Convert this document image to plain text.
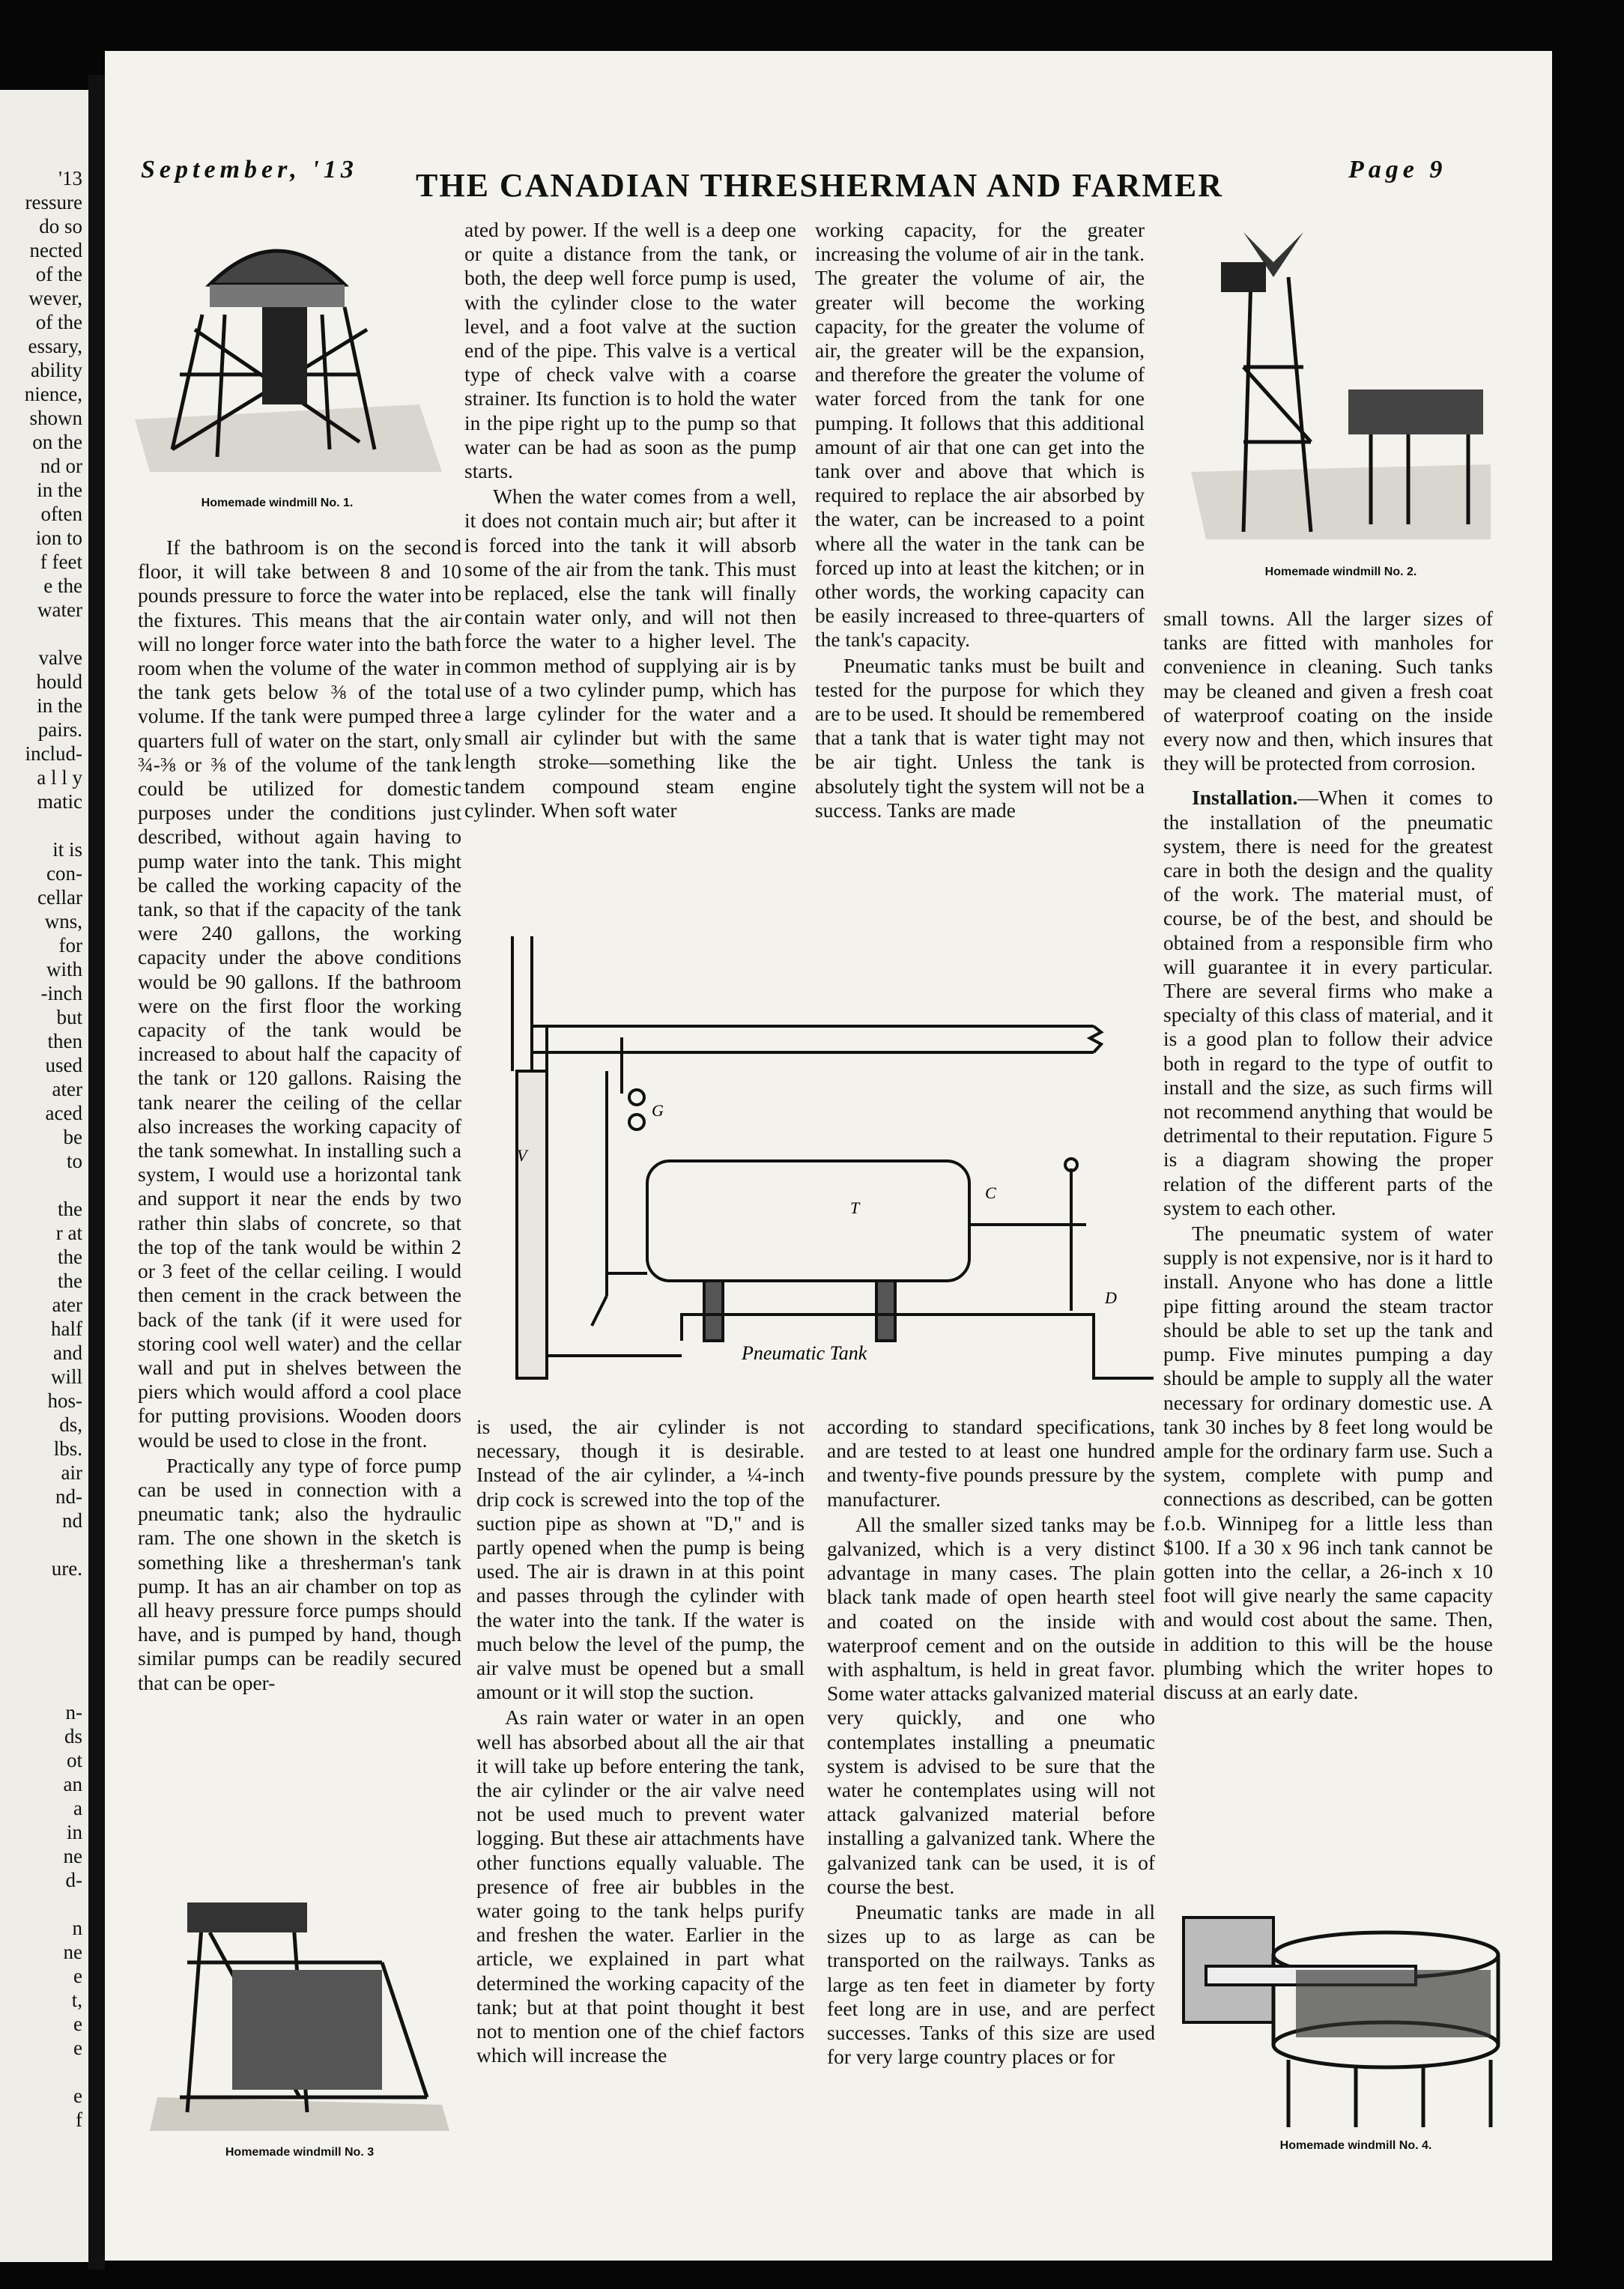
'13
ressure
do so
nected
of the
wever,
of the
essary,
ability
nience,
shown
on the
nd or
in the
often
ion to
f feet
e the
water
valve
hould
in the
pairs.
includ-
a l l y
matic
it is
con-
cellar
wns,
for
with
-inch
but
then
used
ater
aced
be
to
the
r at
the
the
ater
half
and
will
hos-
ds,
lbs.
air
nd-
nd
ure.
n-
ds
ot
an
a
in
ne
d-
n
ne
e
t,
e
e
e
f
September, '13 THE CANADIAN THRESHERMAN AND FARMER	Page 9
Homemade windmill No. 1.

If the bathroom is on the second floor, it will take between 8 and 10 pounds pressure to force the water into the fixtures. This means that the air will no longer force water into the bath room when the volume of the water in the tank gets below ⅜ of the total volume. If the tank were pumped three quarters full of water on the start, only ¾-⅜ or ⅜ of the volume of the tank could be utilized for domestic purposes under the conditions just described, without again having to pump water into the tank. This might be called the working capacity of the tank, so that if the capacity of the tank were 240 gallons, the working capacity under the above conditions would be 90 gallons. If the bathroom were on the first floor the working capacity of the tank would be increased to about half the capacity of the tank or 120 gallons. Raising the tank nearer the ceiling of the cellar also increases the working capacity of the tank somewhat. In installing such a system, I would use a horizontal tank and support it near the ends by two rather thin slabs of concrete, so that the top of the tank would be within 2 or 3 feet of the cellar ceiling. I would then cement in the crack between the back of the tank (if it were used for storing cool well water) and the cellar wall and put in shelves between the piers which would afford a cool place for putting provisions. Wooden doors would be used to close in the front.

Practically any type of force pump can be used in connection with a pneumatic tank; also the hydraulic ram. The one shown in the sketch is something like a thresherman's tank pump. It has an air chamber on top as all heavy pressure force pumps should have, and is pumped by hand, though similar pumps can be readily secured that can be oper-

Homemade windmill No. 3

ated by power. If the well is a deep one or quite a distance from the tank, or both, the deep well force pump is used, with the cylinder close to the water level, and a foot valve at the suction end of the pipe. This valve is a vertical type of check valve with a coarse strainer. Its function is to hold the water in the pipe right up to the pump so that water can be had as soon as the pump starts.

When the water comes from a well, it does not contain much air; but after it is forced into the tank it will absorb some of the air from the tank. This must be replaced, else the tank will finally contain water only, and will not then force the water to a higher level. The common method of supplying air is by use of a two cylinder pump, which has a large cylinder for the water and a small air cylinder but with the same length stroke—something like the tandem compound steam engine cylinder. When soft water

working capacity, for the greater increasing the volume of air in the tank. The greater the volume of air, the greater will become the working capacity, for the greater the volume of air, the greater will be the expansion, and therefore the greater the volume of water forced from the tank for one pumping. It follows that this additional amount of air that one can get into the tank over and above that which is required to replace the air absorbed by the water, can be increased to a point where all the water in the tank can be forced up into at least the kitchen; or in other words, the working capacity can be easily increased to three-quarters of the tank's capacity.

Pneumatic tanks must be built and tested for the purpose for which they are to be used. It should be remembered that a tank that is water tight may not be air tight. Unless the tank is absolutely tight the system will not be a success. Tanks are made

V
G
T
C
D
Pneumatic Tank

is used, the air cylinder is not necessary, though it is desirable. Instead of the air cylinder, a ¼-inch drip cock is screwed into the top of the suction pipe as shown at "D," and is partly opened when the pump is being used. The air is drawn in at this point and passes through the cylinder with the water into the tank. If the water is much below the level of the pump, the air valve must be opened but a small amount or it will stop the suction.

As rain water or water in an open well has absorbed about all the air that it will take up before entering the tank, the air cylinder or the air valve need not be used much to prevent water logging. But these air attachments have other functions equally valuable. The presence of free air bubbles in the water going to the tank helps purify and freshen the water. Earlier in the article, we explained in part what determined the working capacity of the tank; but at that point thought it best not to mention one of the chief factors which will increase the

according to standard specifications, and are tested to at least one hundred and twenty-five pounds pressure by the manufacturer.

All the smaller sized tanks may be galvanized, which is a very distinct advantage in many cases. The plain black tank made of open hearth steel and coated on the inside with waterproof cement and on the outside with asphaltum, is held in great favor. Some water attacks galvanized material very quickly, and one who contemplates installing a pneumatic system is advised to be sure that the water he contemplates using will not attack galvanized material before installing a galvanized tank. Where the galvanized tank can be used, it is of course the best.

Pneumatic tanks are made in all sizes up to as large as can be transported on the railways. Tanks as large as ten feet in diameter by forty feet long are in use, and are perfect successes. Tanks of this size are used for very large country places or for

Homemade windmill No. 2.

small towns. All the larger sizes of tanks are fitted with manholes for convenience in cleaning. Such tanks may be cleaned and given a fresh coat of waterproof coating on the inside every now and then, which insures that they will be protected from corrosion.

Installation.—When it comes to the installation of the pneumatic system, there is need for the greatest care in both the design and the quality of the work. The material must, of course, be of the best, and should be obtained from a responsible firm who will guarantee it in every particular. There are several firms who make a specialty of this class of material, and it is a good plan to follow their advice both in regard to the type of outfit to install and the size, as such firms will not recommend anything that would be detrimental to their reputation. Figure 5 is a diagram showing the proper relation of the different parts of the system to each other.

The pneumatic system of water supply is not expensive, nor is it hard to install. Anyone who has done a little pipe fitting around the steam tractor should be able to set up the tank and pump. Five minutes pumping a day should be ample to supply all the water necessary for ordinary domestic use. A tank 30 inches by 8 feet long would be ample for the ordinary farm use. Such a system, complete with pump and connections as described, can be gotten f.o.b. Winnipeg for a little less than $100. If a 30 x 96 inch tank cannot be gotten into the cellar, a 26-inch x 10 foot will give nearly the same capacity and would cost about the same. Then, in addition to this will be the house plumbing which the writer hopes to discuss at an early date.

Homemade windmill No. 4.
